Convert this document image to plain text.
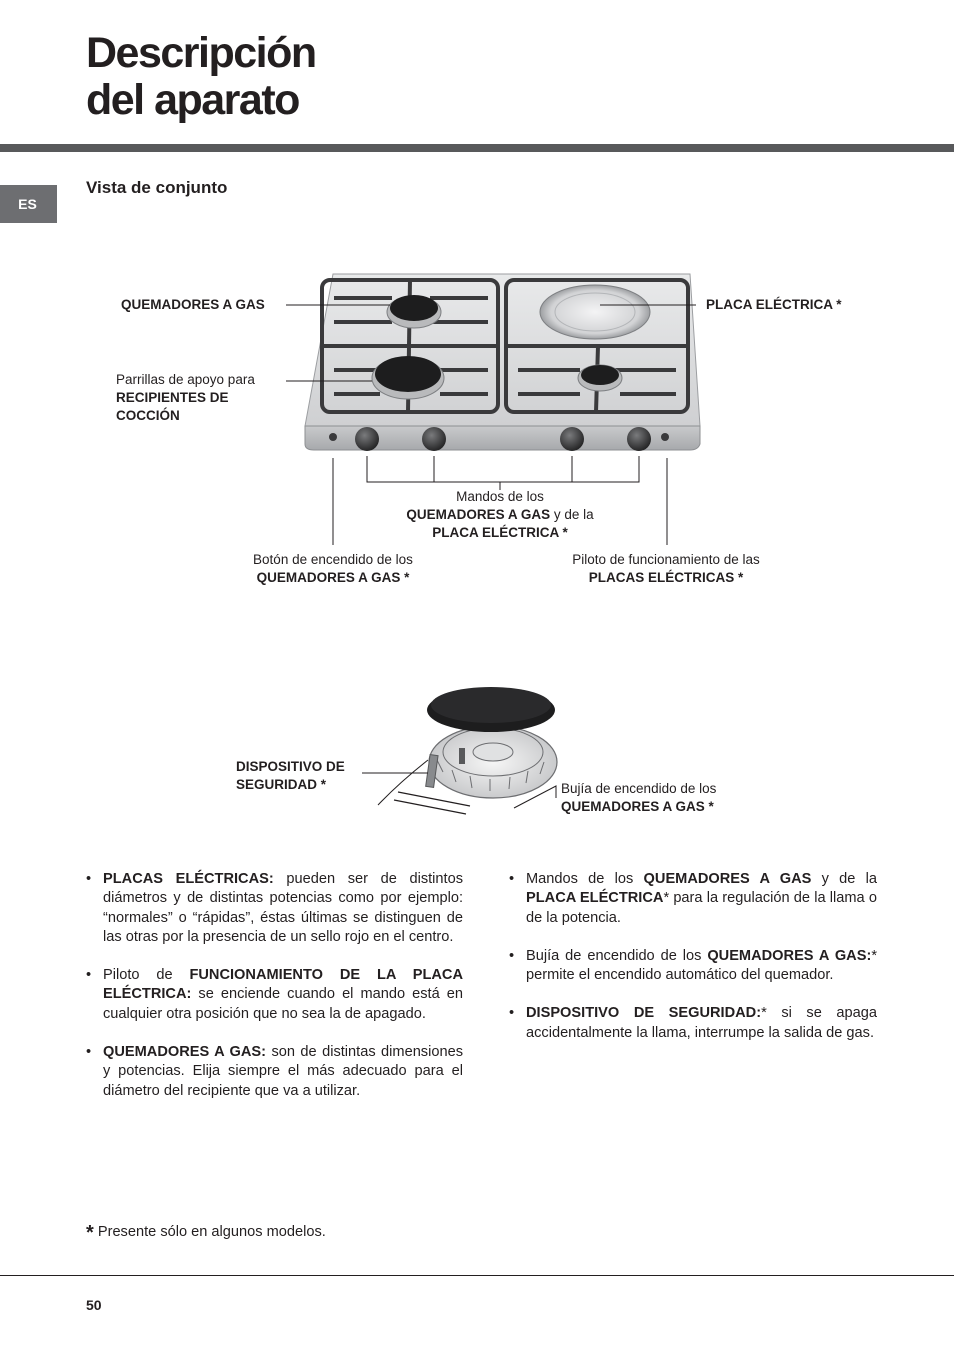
Descripción
del aparato
ES
Vista de conjunto
QUEMADORES A GAS	PLACA ELÉCTRICA *
Parrillas de apoyo para
RECIPIENTES DE
COCCIÓN
Mandos de los
QUEMADORES A GAS y de la
PLACA ELÉCTRICA *
Botón de encendido de los
QUEMADORES A GAS *
Piloto de funcionamiento de las
PLACAS ELÉCTRICAS *
DISPOSITIVO DE
SEGURIDAD *	Bujía de encendido de los
QUEMADORES A GAS *

• PLACAS ELÉCTRICAS: pueden ser de distintos diámetros y de distintas potencias como por ejemplo: “normales” o “rápidas”, éstas últimas se distinguen de las otras por la presencia de un sello rojo en el centro.

• Piloto de FUNCIONAMIENTO DE LA PLACA ELÉCTRICA: se enciende cuando el mando está en cualquier otra posición que no sea la de apagado.

• QUEMADORES A GAS: son de distintas dimensiones y potencias. Elija siempre el más adecuado para el diámetro del recipiente que va a utilizar.

• Mandos de los QUEMADORES A GAS y de la PLACA ELÉCTRICA* para la regulación de la llama o de la potencia.

• Bujía de encendido de los QUEMADORES A GAS:* permite el encendido automático del quemador.

• DISPOSITIVO DE SEGURIDAD:* si se apaga accidentalmente la llama, interrumpe la salida de gas.

* Presente sólo en algunos modelos.
50
